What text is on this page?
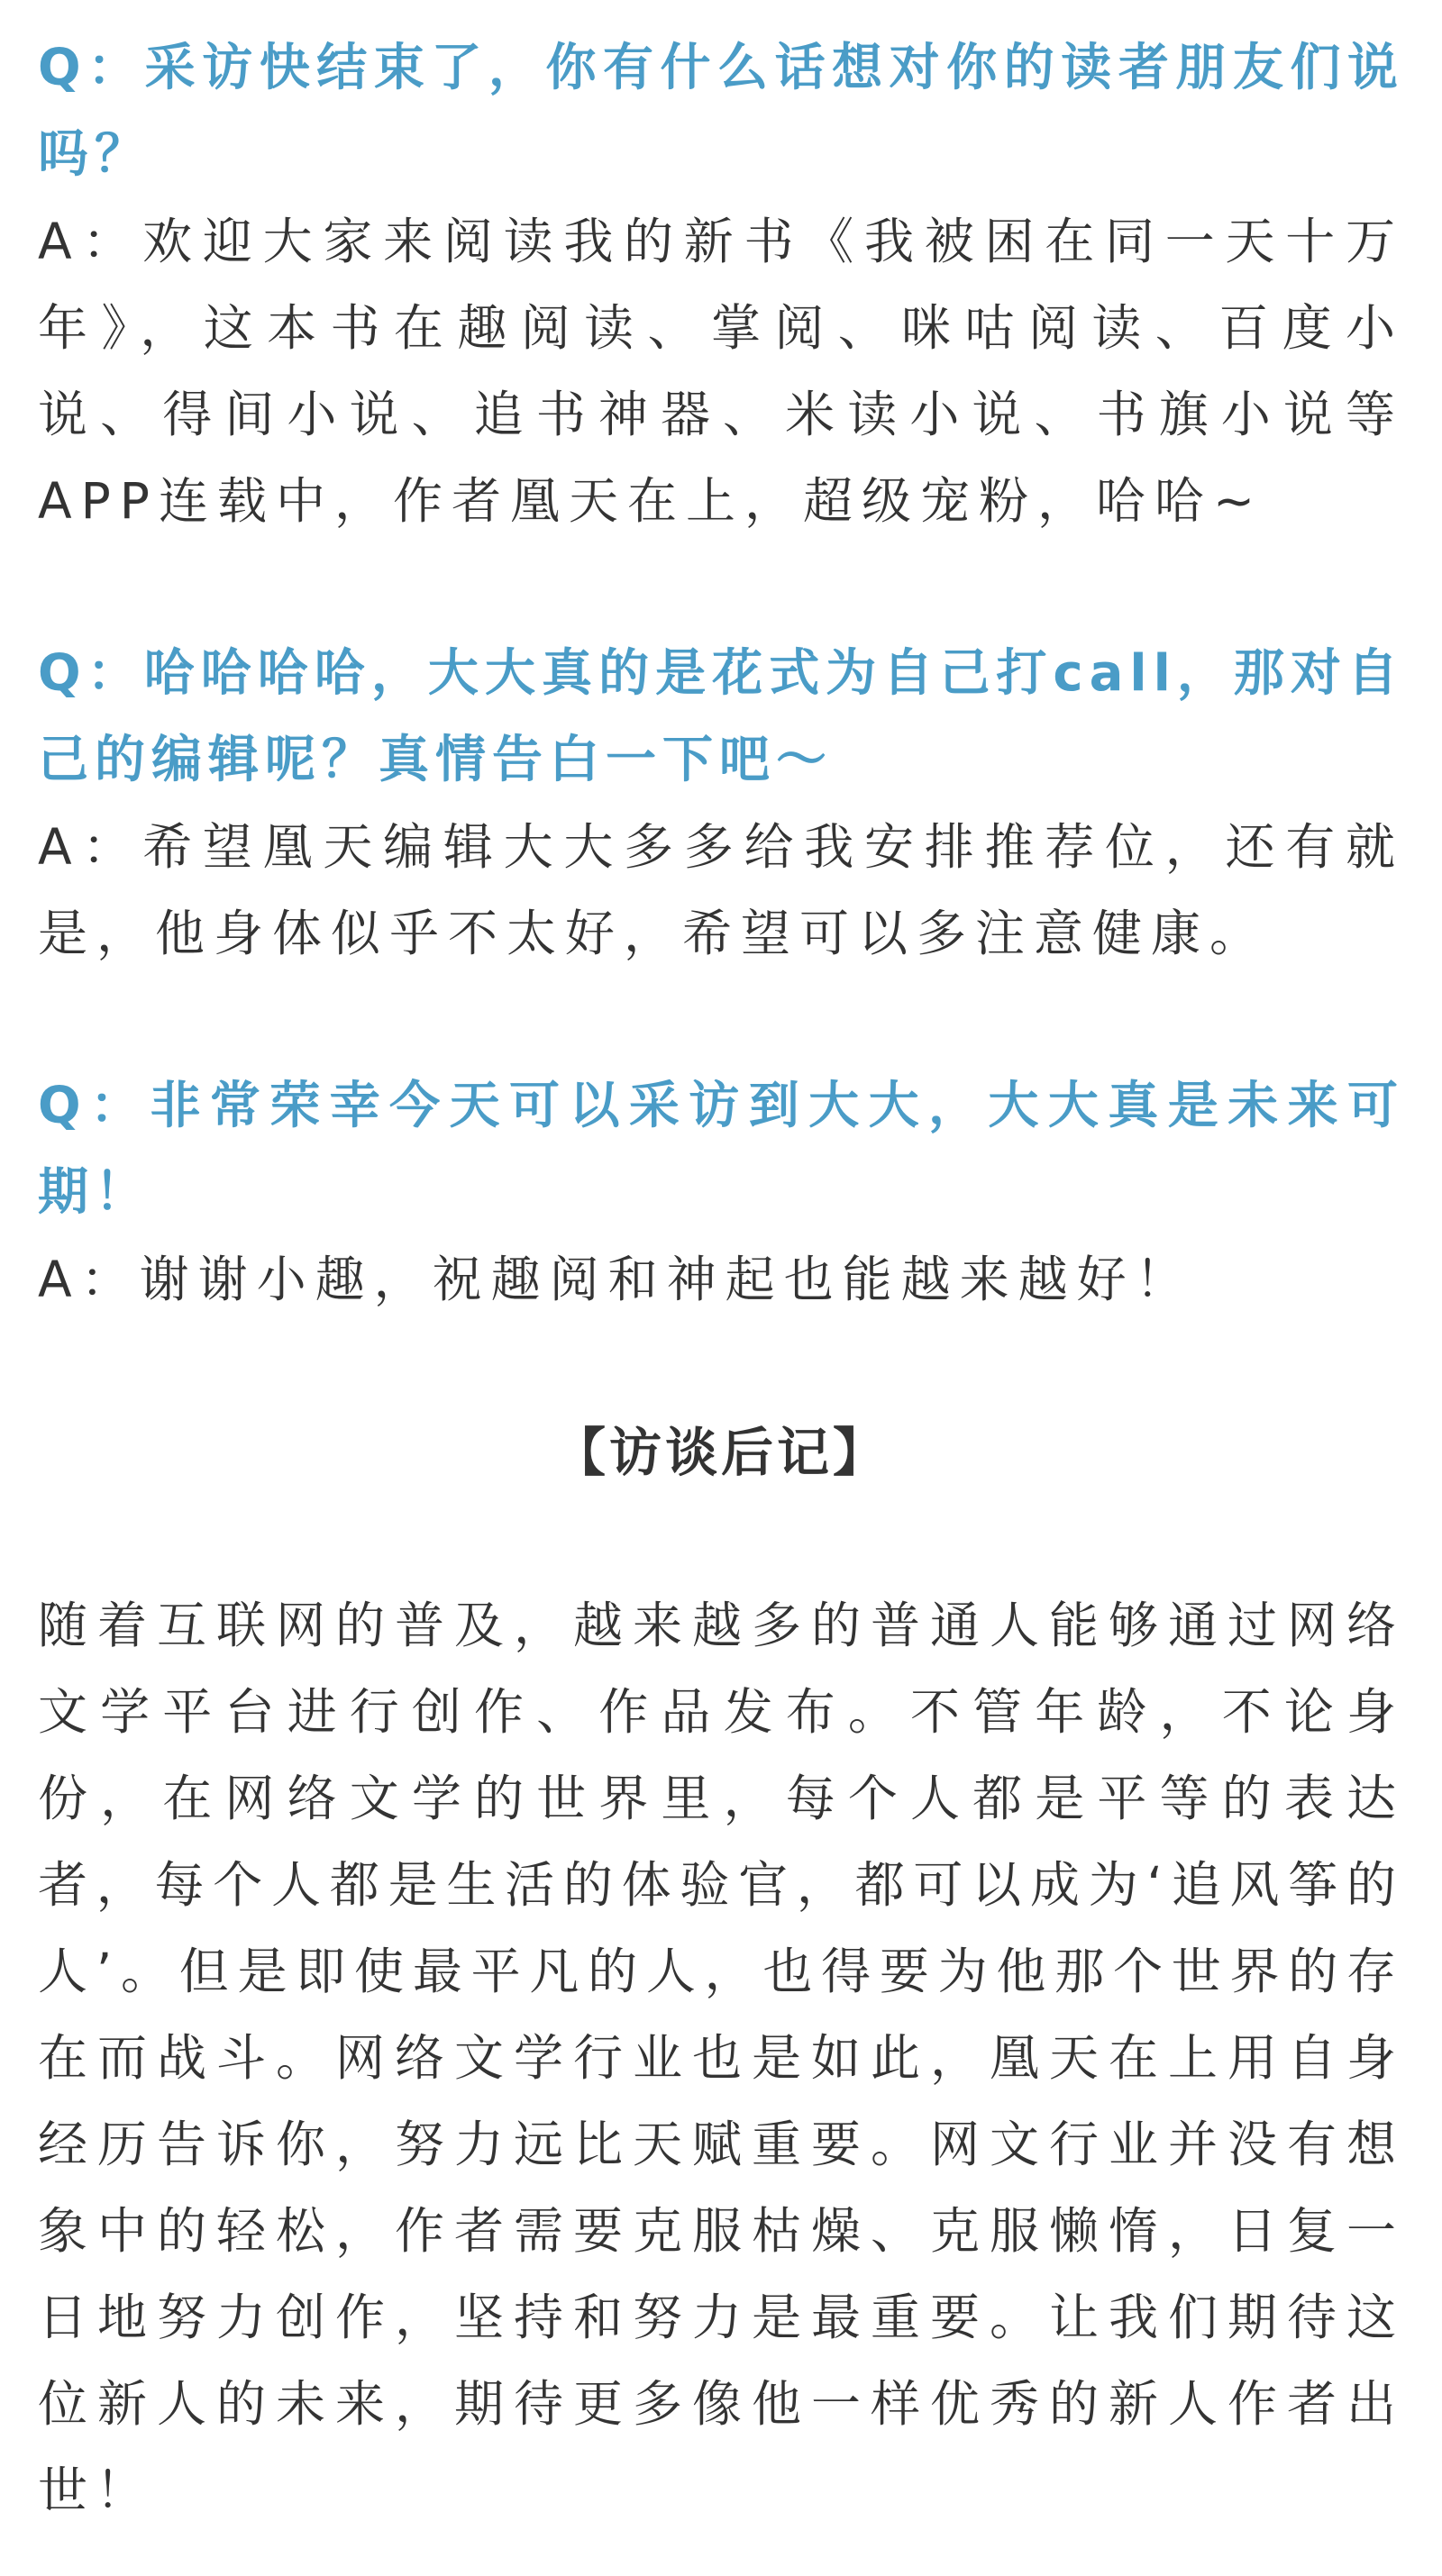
Q：采访快结束了，你有什么话想对你的读者朋友们说吗？

A：欢迎大家来阅读我的新书《我被困在同一天十万年》，这本书在趣阅读、掌阅、咪咕阅读、百度小说、得间小说、追书神器、米读小说、书旗小说等APP连载中，作者凰天在上，超级宠粉，哈哈~

Q：哈哈哈哈，大大真的是花式为自己打call，那对自己的编辑呢？真情告白一下吧～

A：希望凰天编辑大大多多给我安排推荐位，还有就是，他身体似乎不太好，希望可以多注意健康。

Q：非常荣幸今天可以采访到大大，大大真是未来可期！

A：谢谢小趣，祝趣阅和神起也能越来越好！

【访谈后记】

随着互联网的普及，越来越多的普通人能够通过网络文学平台进行创作、作品发布。不管年龄，不论身份，在网络文学的世界里，每个人都是平等的表达者，每个人都是生活的体验官，都可以成为‘追风筝的人’。但是即使最平凡的人，也得要为他那个世界的存在而战斗。网络文学行业也是如此，凰天在上用自身经历告诉你，努力远比天赋重要。网文行业并没有想象中的轻松，作者需要克服枯燥、克服懒惰，日复一日地努力创作，坚持和努力是最重要。让我们期待这位新人的未来，期待更多像他一样优秀的新人作者出世！
